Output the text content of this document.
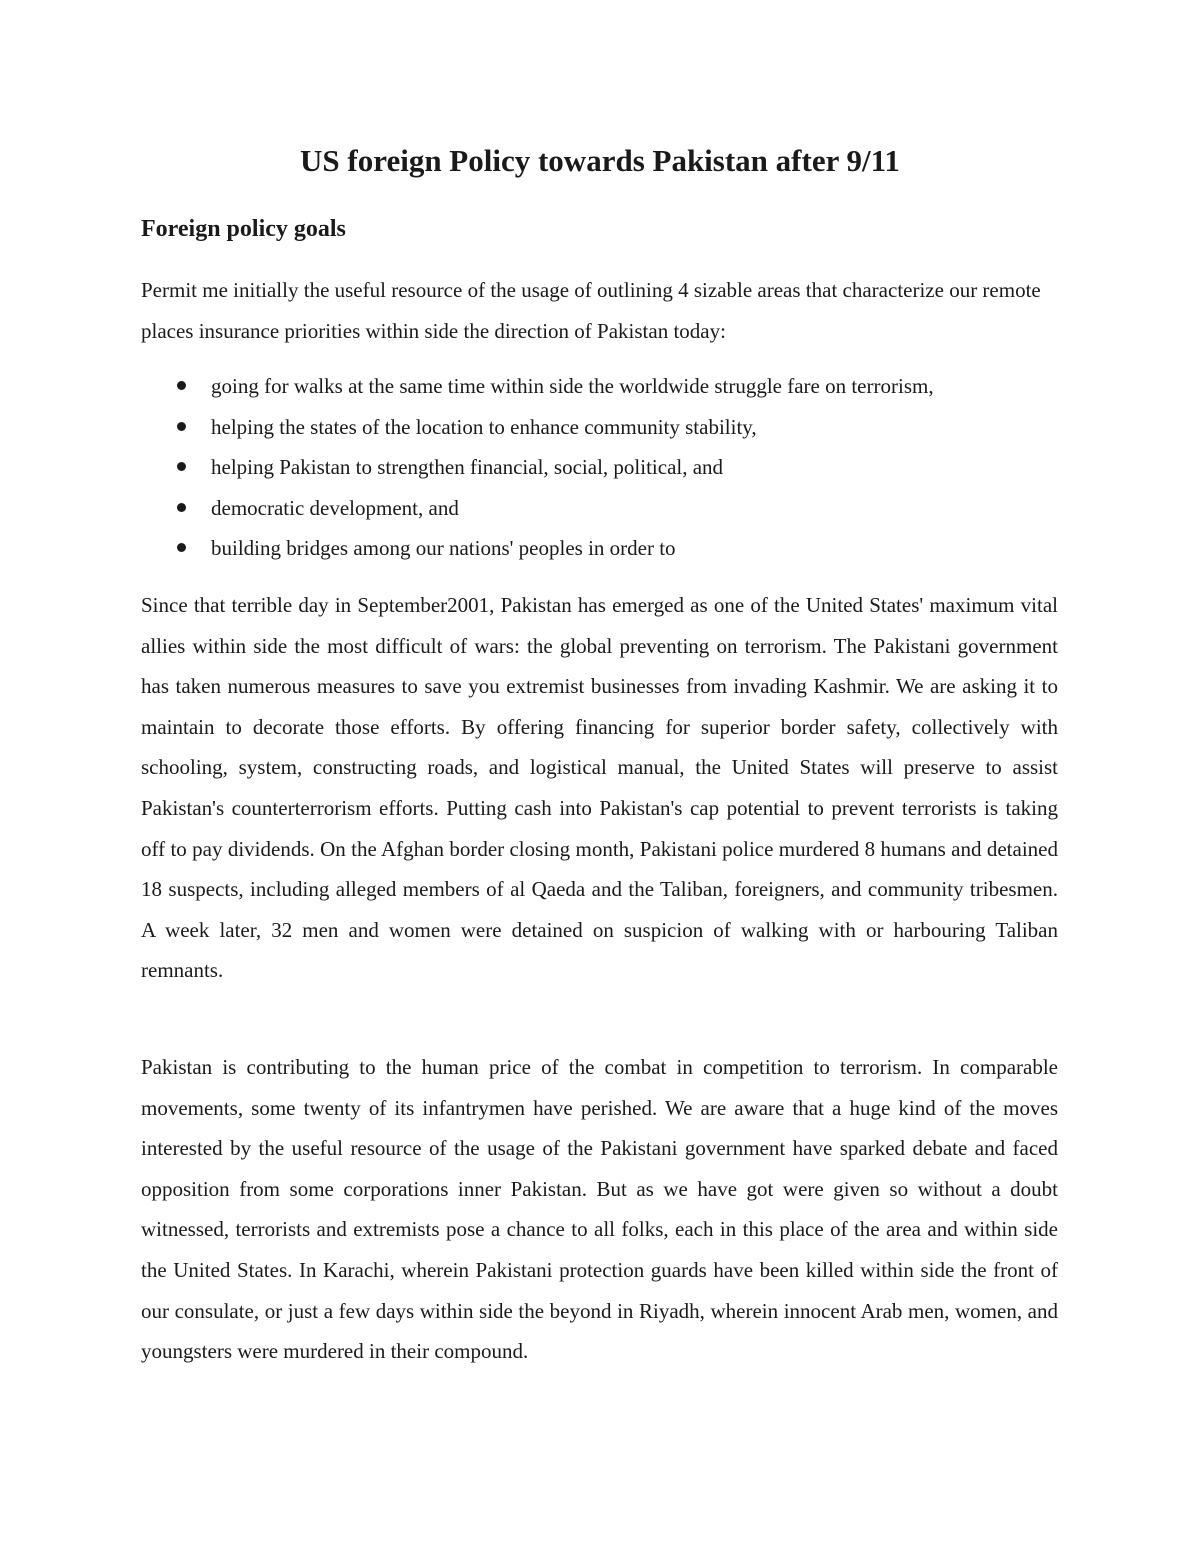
US foreign Policy towards Pakistan after 9/11
Foreign policy goals

Permit me initially the useful resource of the usage of outlining 4 sizable areas that characterize our remote places insurance priorities within side the direction of Pakistan today:

going for walks at the same time within side the worldwide struggle fare on terrorism,
helping the states of the location to enhance community stability,
helping Pakistan to strengthen financial, social, political, and
democratic development, and
building bridges among our nations' peoples in order to

Since that terrible day in September2001, Pakistan has emerged as one of the United States' maximum vital allies within side the most difficult of wars: the global preventing on terrorism. The Pakistani government has taken numerous measures to save you extremist businesses from invading Kashmir. We are asking it to maintain to decorate those efforts. By offering financing for superior border safety, collectively with schooling, system, constructing roads, and logistical manual, the United States will preserve to assist Pakistan's counterterrorism efforts. Putting cash into Pakistan's cap potential to prevent terrorists is taking off to pay dividends. On the Afghan border closing month, Pakistani police murdered 8 humans and detained 18 suspects, including alleged members of al Qaeda and the Taliban, foreigners, and community tribesmen. A week later, 32 men and women were detained on suspicion of walking with or harbouring Taliban remnants.

Pakistan is contributing to the human price of the combat in competition to terrorism. In comparable movements, some twenty of its infantrymen have perished. We are aware that a huge kind of the moves interested by the useful resource of the usage of the Pakistani government have sparked debate and faced opposition from some corporations inner Pakistan. But as we have got were given so without a doubt witnessed, terrorists and extremists pose a chance to all folks, each in this place of the area and within side the United States. In Karachi, wherein Pakistani protection guards have been killed within side the front of our consulate, or just a few days within side the beyond in Riyadh, wherein innocent Arab men, women, and youngsters were murdered in their compound.
